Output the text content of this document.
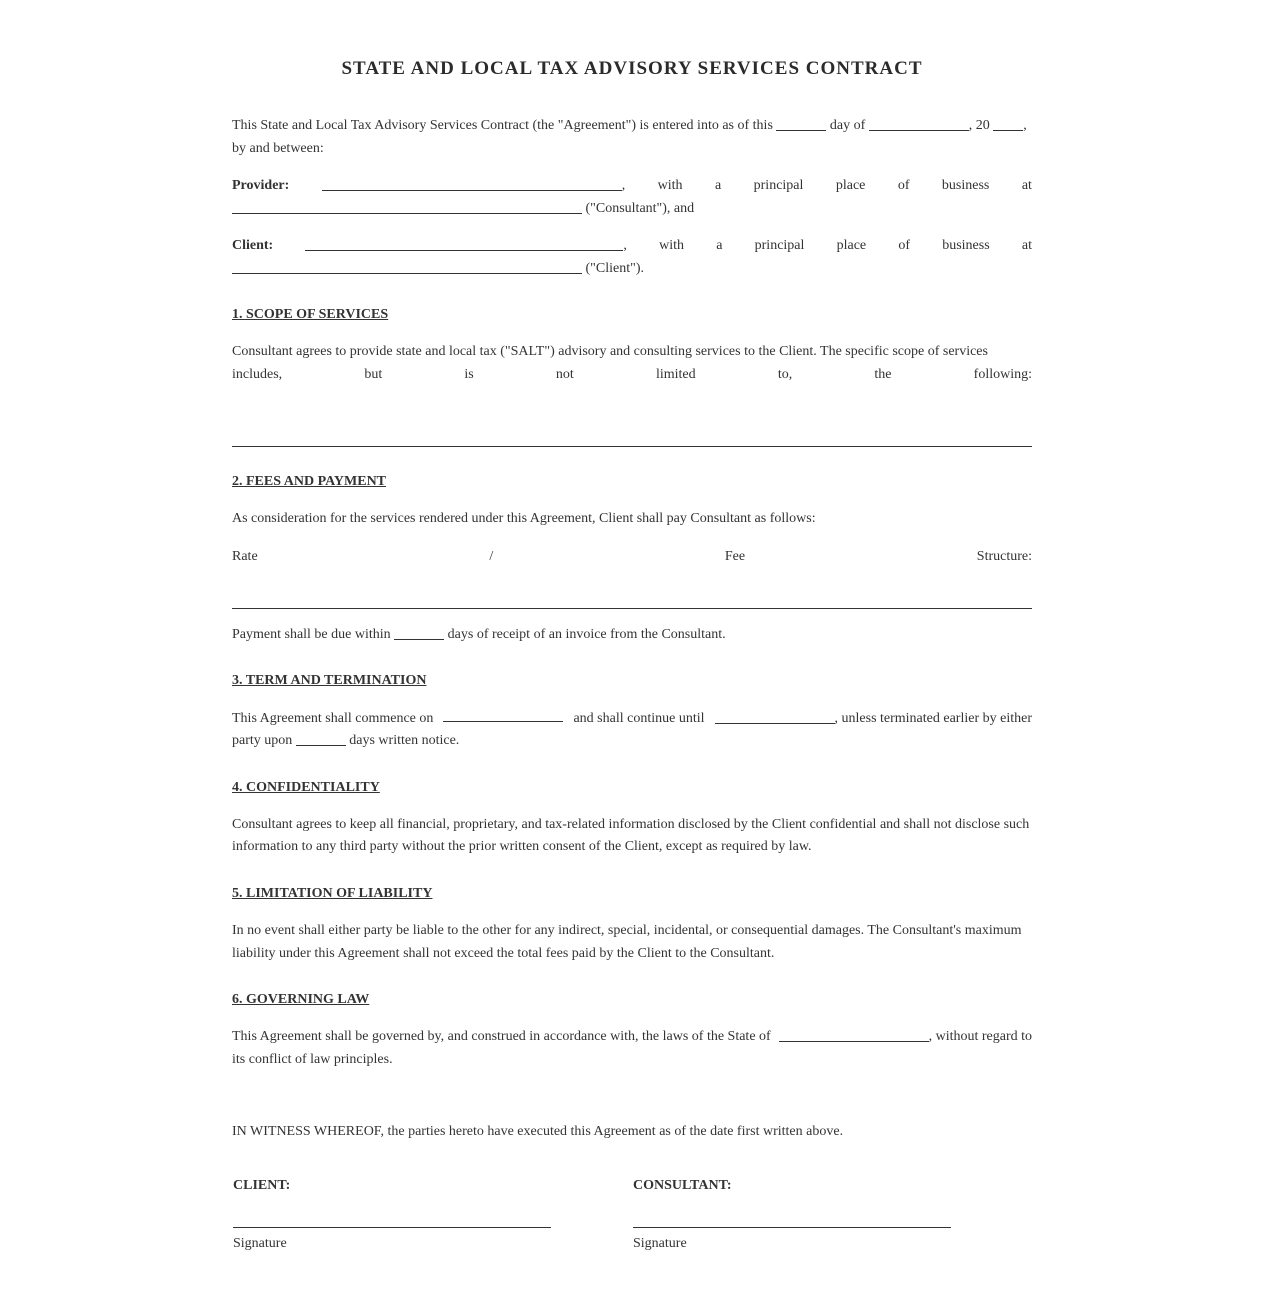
STATE AND LOCAL TAX ADVISORY SERVICES CONTRACT
This State and Local Tax Advisory Services Contract (the "Agreement") is entered into as of this	day of	, 20 ,
by and between:
Provider:	, with a principal place of business at
("Consultant"), and
Client:	, with a principal place of business at
("Client").
1. SCOPE OF SERVICES
Consultant agrees to provide state and local tax ("SALT") advisory and consulting services to the Client. The specific scope of services
includes,	but	is	not	limited	to,	the	following:
2. FEES AND PAYMENT
As consideration for the services rendered under this Agreement, Client shall pay Consultant as follows:
Rate	/	Fee	Structure:
Payment shall be due within	days of receipt of an invoice from the Consultant.
3. TERM AND TERMINATION
This Agreement shall commence on	and shall continue until	, unless terminated earlier by either
party upon	days written notice.
4. CONFIDENTIALITY
Consultant agrees to keep all financial, proprietary, and tax-related information disclosed by the Client confidential and shall not disclose such
information to any third party without the prior written consent of the Client, except as required by law.
5. LIMITATION OF LIABILITY
In no event shall either party be liable to the other for any indirect, special, incidental, or consequential damages. The Consultant's maximum
liability under this Agreement shall not exceed the total fees paid by the Client to the Consultant.
6. GOVERNING LAW
This Agreement shall be governed by, and construed in accordance with, the laws of the State of	, without regard to
its conflict of law principles.
IN WITNESS WHEREOF, the parties hereto have executed this Agreement as of the date first written above.
CLIENT:
Signature
CONSULTANT:
Signature
